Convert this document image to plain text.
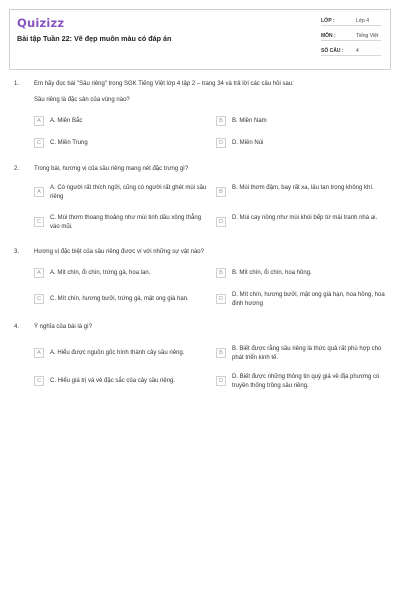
Quizizz
Bài tập Tuần 22: Vẽ đẹp muôn màu có đáp án
LỚP :	Lớp 4
MÔN :	Tiếng Việt
SỐ CÂU :	4
1. Em hãy đọc bài "Sầu riêng" trong SGK Tiếng Việt lớp 4 tập 2 – trang 34 và trả lời các câu hỏi sau:
Sầu riêng là đặc sản của vùng nào?
A	A. Miền Bắc	B	B. Miền Nam
C	C. Miền Trung	D	D. Miền Núi
2. Trong bài, hương vị của sầu riêng mang nét đặc trưng gì?
A
A. Có người rất thích ngửi, cũng có người rất ghét mùi sầu riêng
B
B. Mùi thơm đậm, bay rất xa, lâu tan trong không khí.
C
C. Mùi thơm thoang thoảng như mùi tinh dầu xông thẳng vào mũi.
D
D. Mùi cay nồng như mùi khói bếp từ mái tranh nhà ai.
3. Hương vị đặc biệt của sầu riêng được ví với những sự vật nào?
A	A. Mít chín, ổi chín, trứng gà, hoa lan.	B	B. Mít chín, ổi chín, hoa hồng.
C	C. Mít chín, hương bưởi, trứng gà, mật ong già hạn.	D
D. Mít chín, hương bưởi, mật ong già hạn, hoa hồng, hoa đinh hương
4. Ý nghĩa của bài là gì?
A	A. Hiểu được nguồn gốc hình thành cây sầu riêng.	B
B. Biết được rằng sầu riêng là thức quả rất phù hợp cho phát triển kinh tế.
C	C. Hiểu giá trị và vẻ đặc sắc của cây sầu riêng.	D
D. Biết được những thông tin quý giá về địa phương có truyền thống trồng sầu riêng.
